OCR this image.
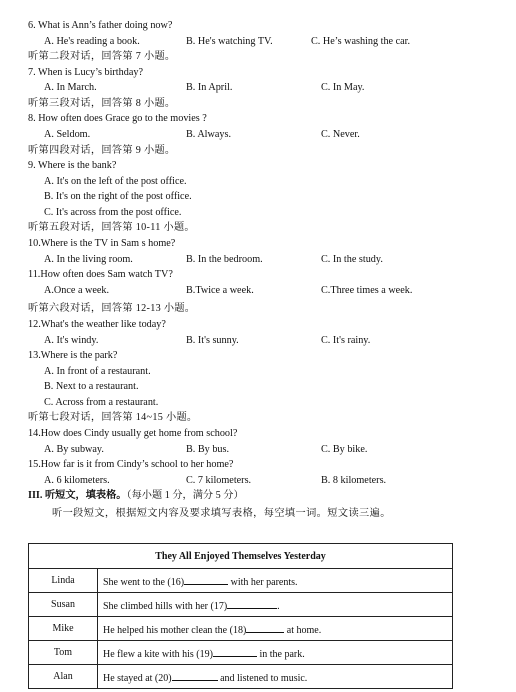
6. What is Ann’s father doing now?
A. He's reading a book.	B. He's watching TV.	C. He’s washing the car.
听第二段对话，回答第 7 小题。
7. When is Lucy’s birthday?
A. In March.	B. In April.	C. In May.
听第三段对话，回答第 8 小题。
8. How often does Grace go to the movies ?
A. Seldom.	B. Always.	C. Never.
听第四段对话，回答第 9 小题。
9. Where is the bank?
A. It's on the left of the post office.
B. It's on the right of the post office.
C. It's across from the post office.
听第五段对话，回答第 10-11 小题。
10.Where is the TV in Sam s home?
A. In the living room.	B. In the bedroom.	C. In the study.
11.How often does Sam watch TV?
A.Once a week.	B.Twice a week.	C.Three times a week.
听第六段对话，回答第 12-13 小题。
12.What's the weather like today?
A. It's windy.	B. It's sunny.	C. It's rainy.
13.Where is the park?
A. In front of a restaurant.
B. Next to a restaurant.
C. Across from a restaurant.
听第七段对话，回答第 14~15 小题。
14.How does Cindy usually get home from school?
A. By subway.	B. By bus.	C. By bike.
15.How far is it from Cindy’s school to her home?
A. 6 kilometers.	C. 7 kilometers.	B. 8 kilometers.
III. 听短文，填表格。（每小题 1 分，满分 5 分）
听一段短文，根据短文内容及要求填写表格，每空填一词。短文读三遍。
They All Enjoyed Themselves Yesterday	
Linda	She went to the (16) with her parents.
Susan	She climbed hills with her (17) .
Mike	He helped his mother clean the (18) at home.
Tom	He flew a kite with his (19) in the park.
Alan	He stayed at (20) and listened to music.
